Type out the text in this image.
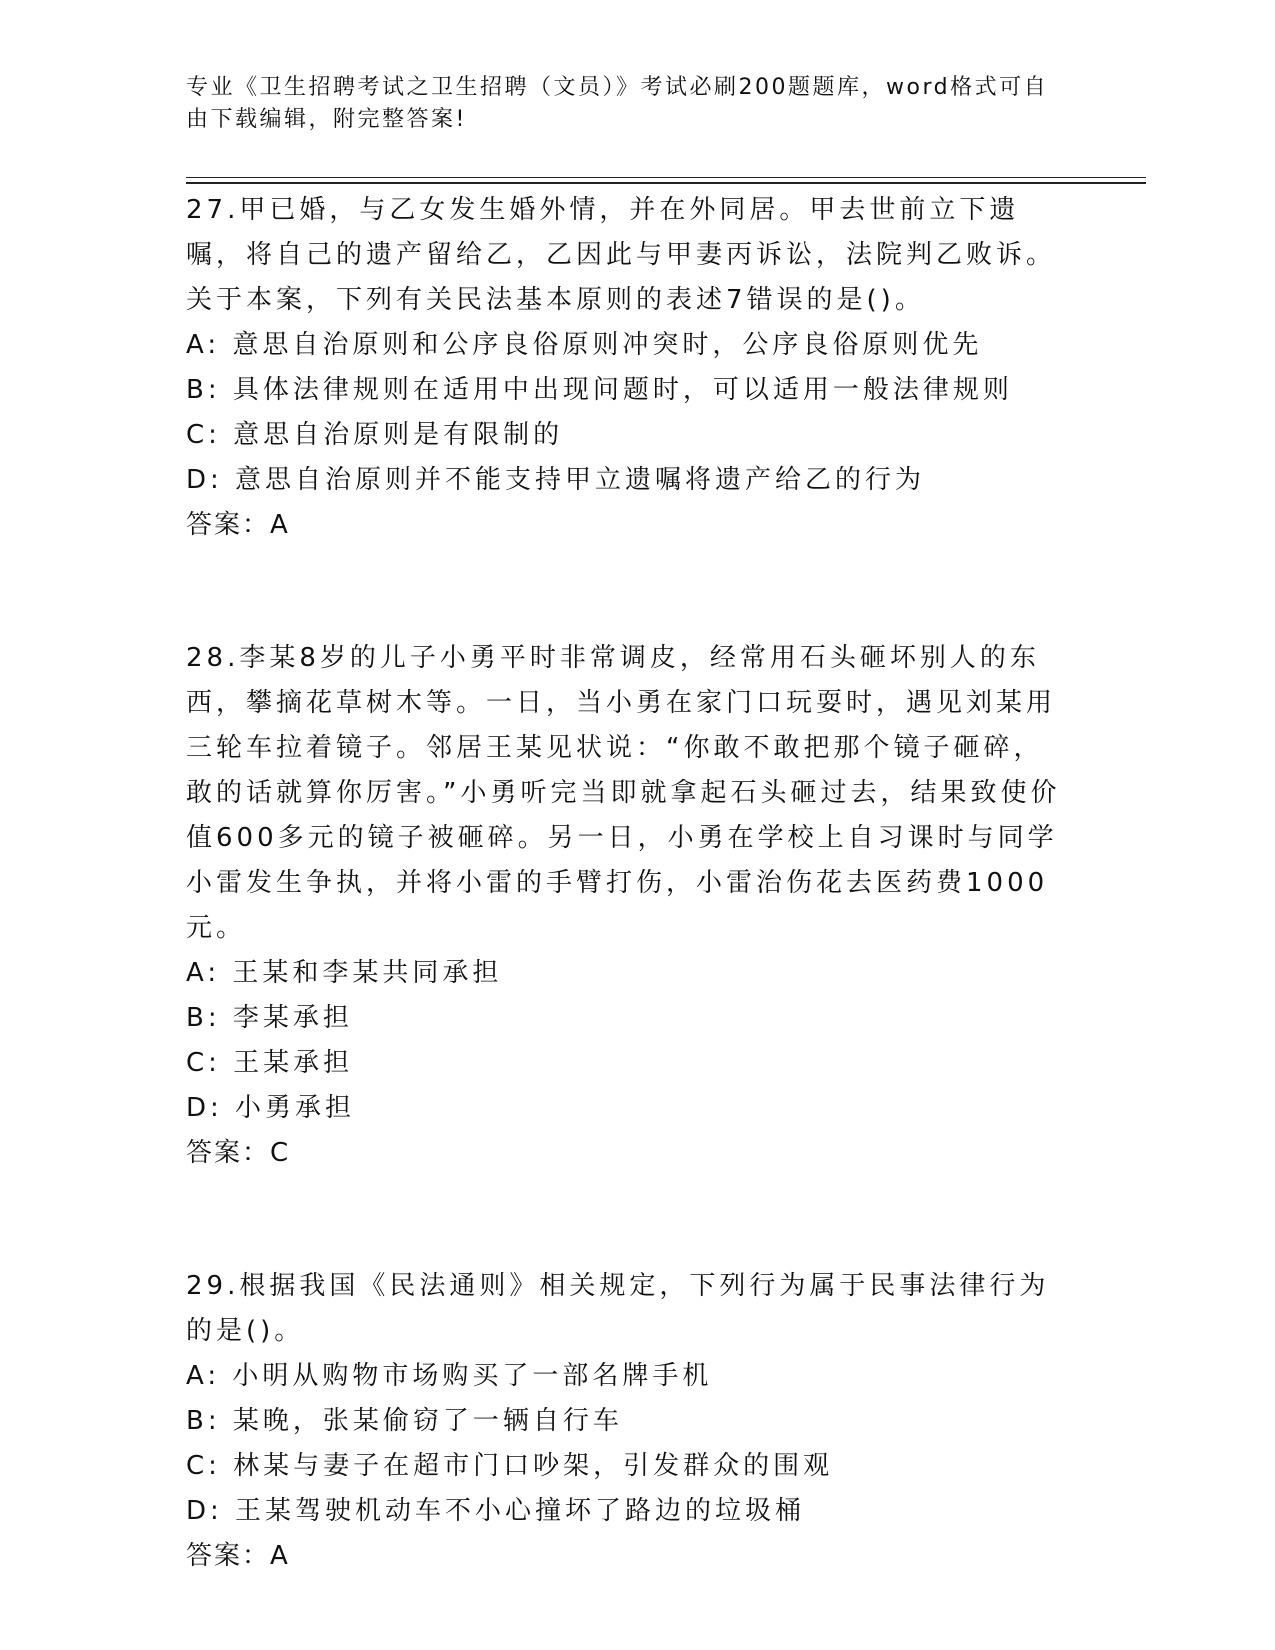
专业《卫生招聘考试之卫生招聘（文员）》考试必刷200题题库，word格式可自由下载编辑，附完整答案!
27.甲已婚，与乙女发生婚外情，并在外同居。甲去世前立下遗嘱，将自己的遗产留给乙，乙因此与甲妻丙诉讼，法院判乙败诉。关于本案，下列有关民法基本原则的表述7错误的是()。
A: 意思自治原则和公序良俗原则冲突时，公序良俗原则优先
B: 具体法律规则在适用中出现问题时，可以适用一般法律规则
C: 意思自治原则是有限制的
D: 意思自治原则并不能支持甲立遗嘱将遗产给乙的行为
答案：A
28.李某8岁的儿子小勇平时非常调皮，经常用石头砸坏别人的东西，攀摘花草树木等。一日，当小勇在家门口玩耍时，遇见刘某用三轮车拉着镜子。邻居王某见状说：“你敢不敢把那个镜子砸碎，敢的话就算你厉害。”小勇听完当即就拿起石头砸过去，结果致使价值600多元的镜子被砸碎。另一日，小勇在学校上自习课时与同学小雷发生争执，并将小雷的手臂打伤，小雷治伤花去医药费1000元。
A: 王某和李某共同承担
B: 李某承担
C: 王某承担
D: 小勇承担
答案：C
29.根据我国《民法通则》相关规定，下列行为属于民事法律行为的是()。
A: 小明从购物市场购买了一部名牌手机
B: 某晚，张某偷窃了一辆自行车
C: 林某与妻子在超市门口吵架，引发群众的围观
D: 王某驾驶机动车不小心撞坏了路边的垃圾桶
答案：A
